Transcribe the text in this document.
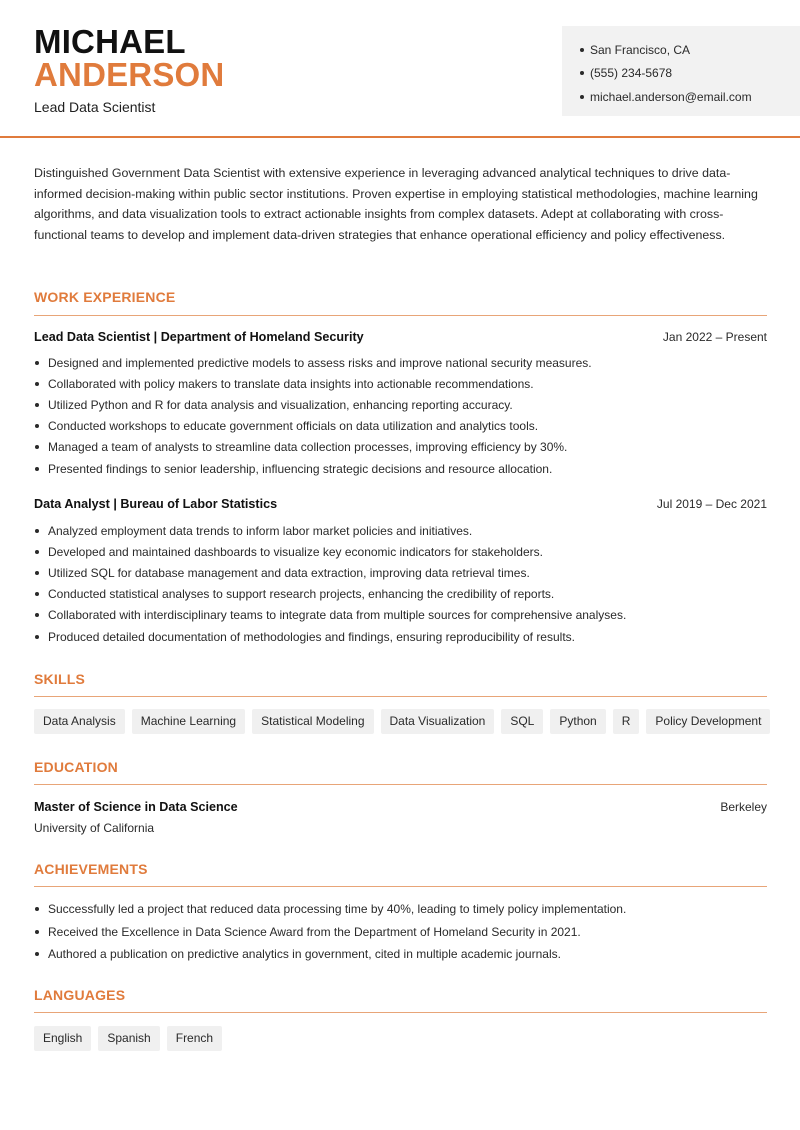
MICHAEL
ANDERSON
Lead Data Scientist
San Francisco, CA
(555) 234-5678
michael.anderson@email.com
Distinguished Government Data Scientist with extensive experience in leveraging advanced analytical techniques to drive data-informed decision-making within public sector institutions. Proven expertise in employing statistical methodologies, machine learning algorithms, and data visualization tools to extract actionable insights from complex datasets. Adept at collaborating with cross-functional teams to develop and implement data-driven strategies that enhance operational efficiency and policy effectiveness.
WORK EXPERIENCE
Lead Data Scientist | Department of Homeland Security	Jan 2022 – Present
Designed and implemented predictive models to assess risks and improve national security measures.
Collaborated with policy makers to translate data insights into actionable recommendations.
Utilized Python and R for data analysis and visualization, enhancing reporting accuracy.
Conducted workshops to educate government officials on data utilization and analytics tools.
Managed a team of analysts to streamline data collection processes, improving efficiency by 30%.
Presented findings to senior leadership, influencing strategic decisions and resource allocation.
Data Analyst | Bureau of Labor Statistics	Jul 2019 – Dec 2021
Analyzed employment data trends to inform labor market policies and initiatives.
Developed and maintained dashboards to visualize key economic indicators for stakeholders.
Utilized SQL for database management and data extraction, improving data retrieval times.
Conducted statistical analyses to support research projects, enhancing the credibility of reports.
Collaborated with interdisciplinary teams to integrate data from multiple sources for comprehensive analyses.
Produced detailed documentation of methodologies and findings, ensuring reproducibility of results.
SKILLS
Data Analysis	Machine Learning	Statistical Modeling	Data Visualization	SQL	Python	R	Policy Development
EDUCATION
Master of Science in Data Science	Berkeley
University of California
ACHIEVEMENTS
Successfully led a project that reduced data processing time by 40%, leading to timely policy implementation.
Received the Excellence in Data Science Award from the Department of Homeland Security in 2021.
Authored a publication on predictive analytics in government, cited in multiple academic journals.
LANGUAGES
English	Spanish	French
